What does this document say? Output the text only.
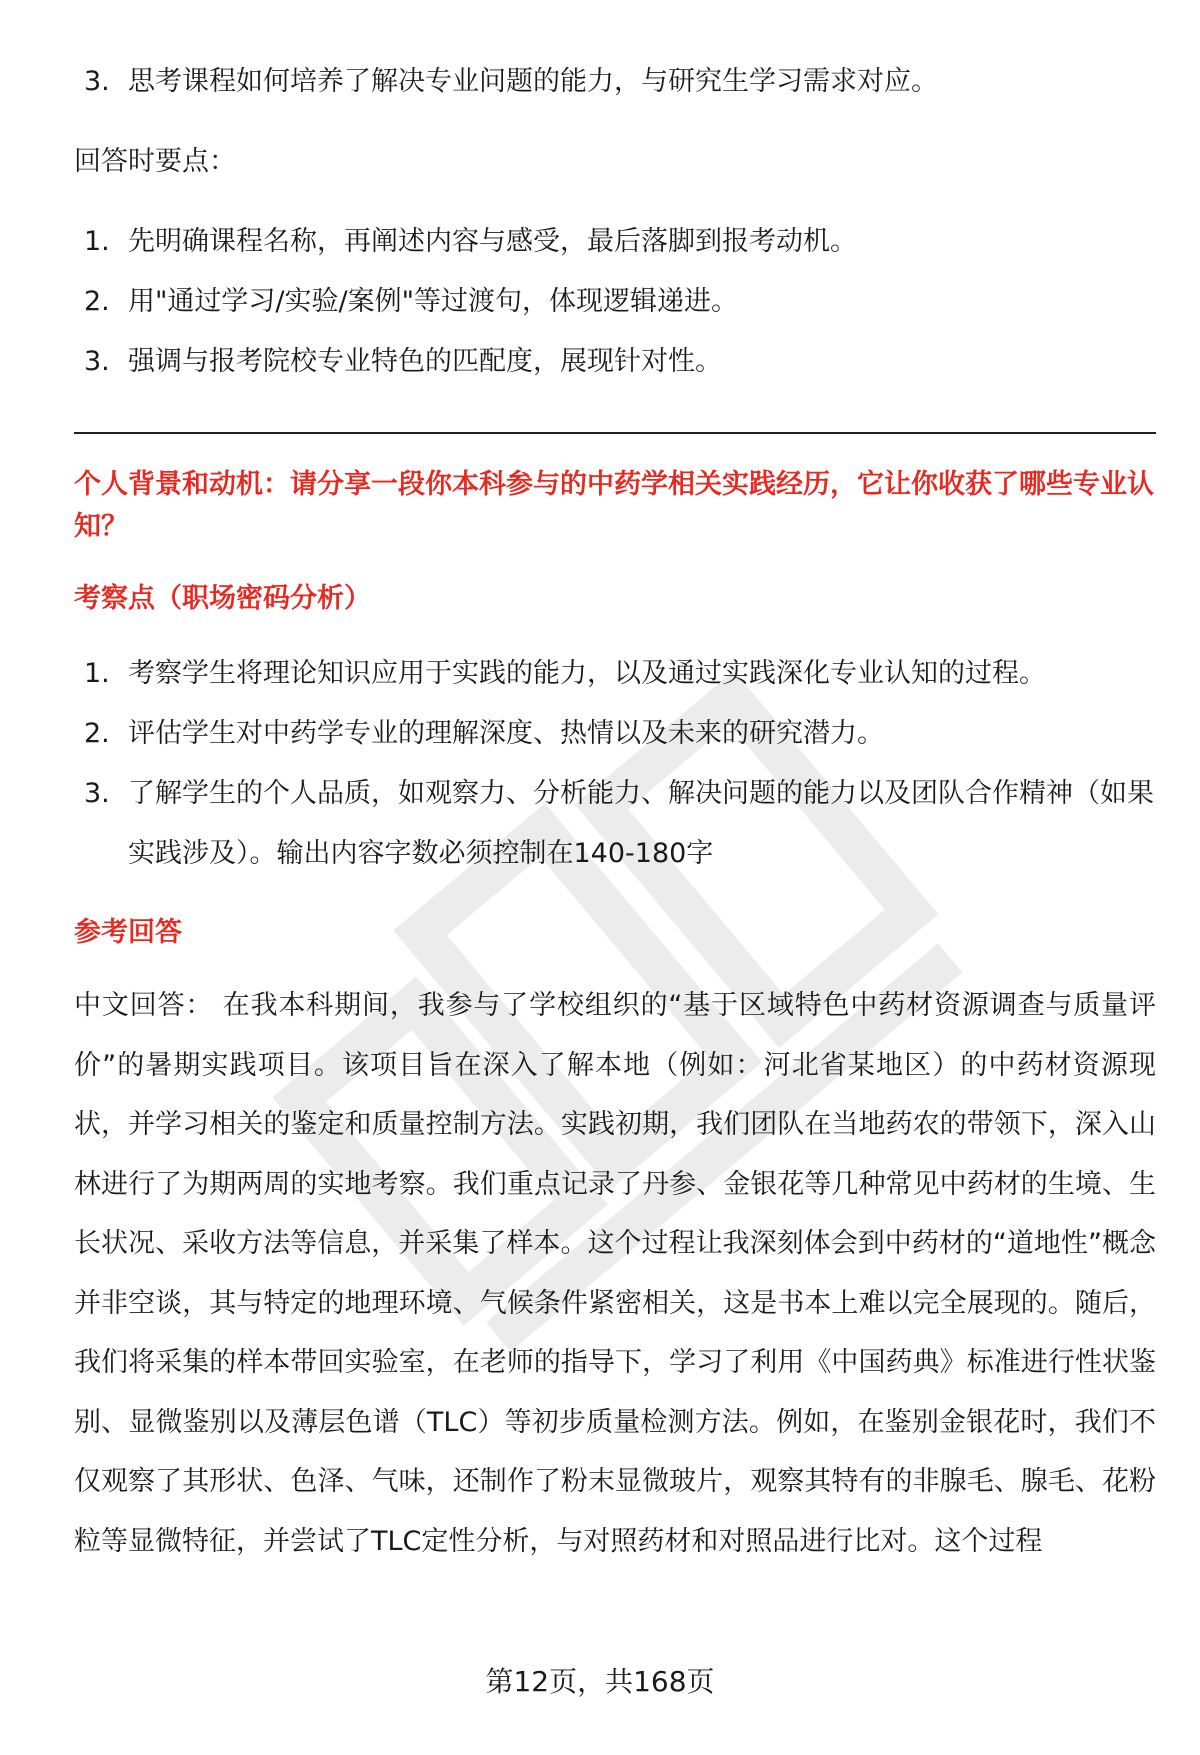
3. 思考课程如何培养了解决专业问题的能力，与研究生学习需求对应。

回答时要点：

1. 先明确课程名称，再阐述内容与感受，最后落脚到报考动机。
2. 用"通过学习/实验/案例"等过渡句，体现逻辑递进。
3. 强调与报考院校专业特色的匹配度，展现针对性。

个人背景和动机：请分享一段你本科参与的中药学相关实践经历，它让你收获了哪些专业认知？

考察点（职场密码分析）

1. 考察学生将理论知识应用于实践的能力，以及通过实践深化专业认知的过程。
2. 评估学生对中药学专业的理解深度、热情以及未来的研究潜力。
3. 了解学生的个人品质，如观察力、分析能力、解决问题的能力以及团队合作精神（如果实践涉及）。输出内容字数必须控制在140-180字

参考回答

中文回答： 在我本科期间，我参与了学校组织的“基于区域特色中药材资源调查与质量评价”的暑期实践项目。该项目旨在深入了解本地（例如：河北省某地区）的中药材资源现状，并学习相关的鉴定和质量控制方法。实践初期，我们团队在当地药农的带领下，深入山林进行了为期两周的实地考察。我们重点记录了丹参、金银花等几种常见中药材的生境、生长状况、采收方法等信息，并采集了样本。这个过程让我深刻体会到中药材的“道地性”概念并非空谈，其与特定的地理环境、气候条件紧密相关，这是书本上难以完全展现的。随后，我们将采集的样本带回实验室，在老师的指导下，学习了利用《中国药典》标准进行性状鉴别、显微鉴别以及薄层色谱（TLC）等初步质量检测方法。例如，在鉴别金银花时，我们不仅观察了其形状、色泽、气味，还制作了粉末显微玻片，观察其特有的非腺毛、腺毛、花粉粒等显微特征，并尝试了TLC定性分析，与对照药材和对照品进行比对。这个过程

第12页，共168页
